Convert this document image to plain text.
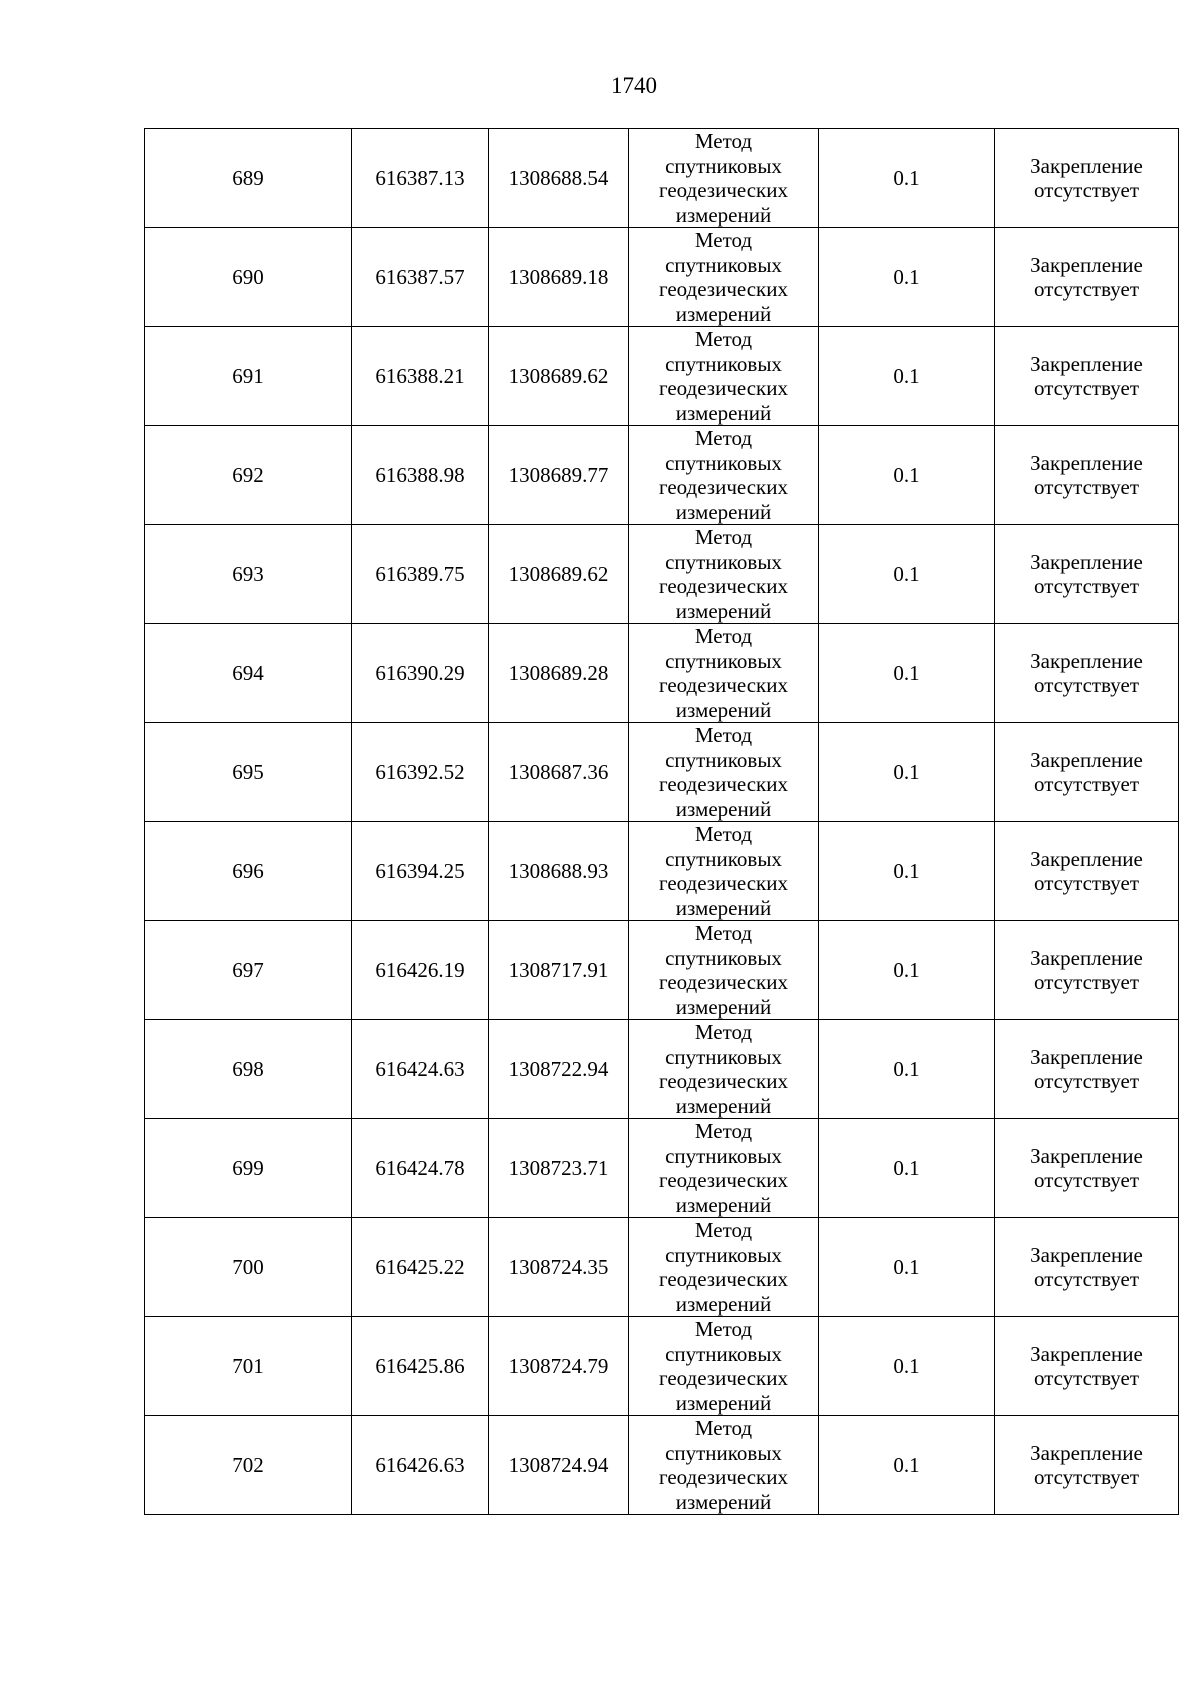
1740
689	616387.13	1308688.54	Метод спутниковых геодезических измерений	0.1	Закрепление отсутствует

690	616387.57	1308689.18	Метод спутниковых геодезических измерений	0.1	Закрепление отсутствует

691	616388.21	1308689.62	Метод спутниковых геодезических измерений	0.1	Закрепление отсутствует

692	616388.98	1308689.77	Метод спутниковых геодезических измерений	0.1	Закрепление отсутствует

693	616389.75	1308689.62	Метод спутниковых геодезических измерений	0.1	Закрепление отсутствует

694	616390.29	1308689.28	Метод спутниковых геодезических измерений	0.1	Закрепление отсутствует

695	616392.52	1308687.36	Метод спутниковых геодезических измерений	0.1	Закрепление отсутствует

696	616394.25	1308688.93	Метод спутниковых геодезических измерений	0.1	Закрепление отсутствует

697	616426.19	1308717.91	Метод спутниковых геодезических измерений	0.1	Закрепление отсутствует

698	616424.63	1308722.94	Метод спутниковых геодезических измерений	0.1	Закрепление отсутствует

699	616424.78	1308723.71	Метод спутниковых геодезических измерений	0.1	Закрепление отсутствует

700	616425.22	1308724.35	Метод спутниковых геодезических измерений	0.1	Закрепление отсутствует

701	616425.86	1308724.79	Метод спутниковых геодезических измерений	0.1	Закрепление отсутствует

702	616426.63	1308724.94	Метод спутниковых геодезических измерений	0.1	Закрепление отсутствует
